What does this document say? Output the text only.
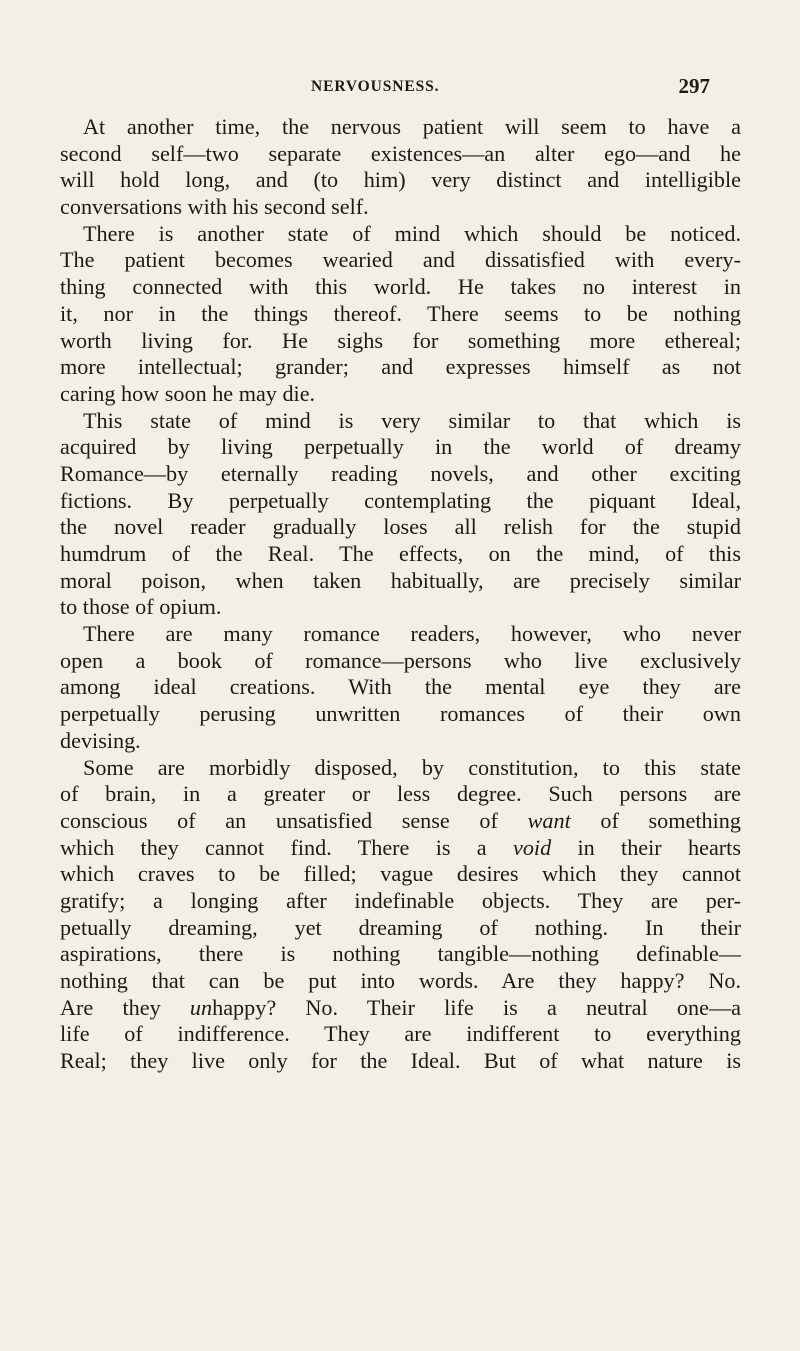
NERVOUSNESS.	297
At another time, the nervous patient will seem to have a
second self—two separate existences—an alter ego—and he
will hold long, and (to him) very distinct and intelligible
conversations with his second self.
There is another state of mind which should be noticed.
The patient becomes wearied and dissatisfied with every-
thing connected with this world. He takes no interest in
it, nor in the things thereof. There seems to be nothing
worth living for. He sighs for something more ethereal;
more intellectual; grander; and expresses himself as not
caring how soon he may die.
This state of mind is very similar to that which is
acquired by living perpetually in the world of dreamy
Romance—by eternally reading novels, and other exciting
fictions. By perpetually contemplating the piquant Ideal,
the novel reader gradually loses all relish for the stupid
humdrum of the Real. The effects, on the mind, of this
moral poison, when taken habitually, are precisely similar
to those of opium.
There are many romance readers, however, who never
open a book of romance—persons who live exclusively
among ideal creations. With the mental eye they are
perpetually perusing unwritten romances of their own
devising.
Some are morbidly disposed, by constitution, to this state
of brain, in a greater or less degree. Such persons are
conscious of an unsatisfied sense of want of something
which they cannot find. There is a void in their hearts
which craves to be filled; vague desires which they cannot
gratify; a longing after indefinable objects. They are per-
petually dreaming, yet dreaming of nothing. In their
aspirations, there is nothing tangible—nothing definable—
nothing that can be put into words. Are they happy? No.
Are they unhappy? No. Their life is a neutral one—a
life of indifference. They are indifferent to everything
Real; they live only for the Ideal. But of what nature is
